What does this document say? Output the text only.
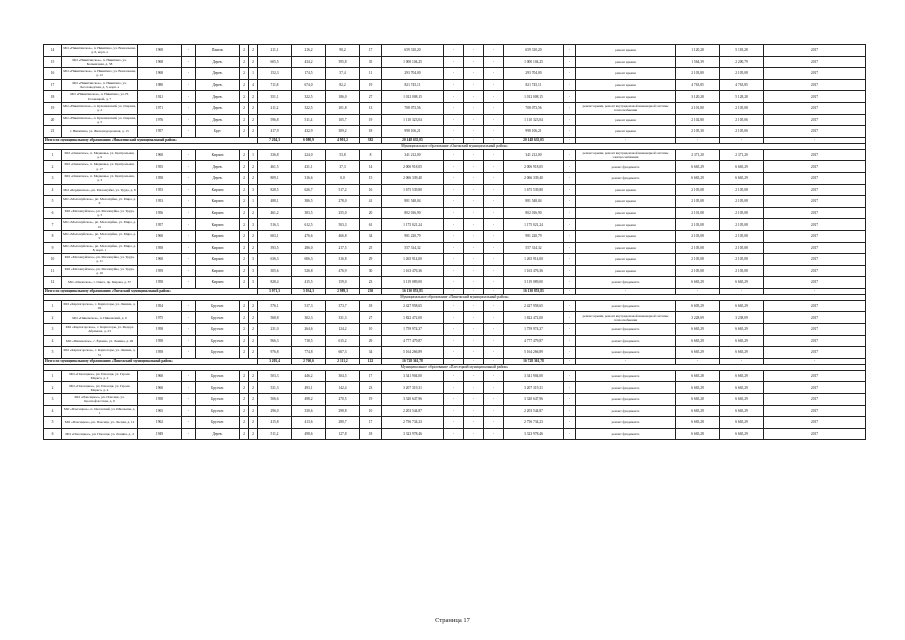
14	МО «Никитинское», п. Никитино, ул. Вокзальная, д. 6, корп. а	1969	-	Панель	2	2	211,1	216,2	90,2	17	659 310,20	-	-	-	659 310,20	-	ремонт крыши	1 120,28	5 118,28	2017
15	МО «Никитинское», п. Никитино, ул. Больничная, д. 58	1968	-	Дерев.	2	2	605,5	434,2	395,8	35	1 000 104,25	-	-	-	1 000 104,25	-	ремонт крыши	1 564,39	2 200,79	2017
16	МО «Никитинское», п. Никитино, ул. Вокзальная, д. 12	1968	-	Дерев.	2	1	152,3	174,5	57,4	11	293 704,00	-	-	-	293 704,00	-	ремонт крыши	2 103,80	2 105,08	2017
17	МО «Никитинское», п. Никитино, ул. Лесозаводская, д. 5, корп. а	1980	-	Дерев.	2	4	711,8	674,0	82,2	19	821 745,11	-	-	-	821 745,11	-	ремонт крыши	4 763,85	4 763,85	2017
18	МО «Никитинское», п. Никитино, ул. Н. Головацкой, д. 7	1921	-	Дерев.	2	2	351,1	322,5	186,0	27	1 012 008,15	-	-	-	1 012 008,15	-	ремонт крыши	3 120,28	5 128,28	2017
19	МО «Никитинское», п. Кулешовский, ул. Озерная, д. 2	1971	-	Дерев.	2	2	211,2	322,5	101,8	13	708 073,56	-	-	-	708 073,56	-	ремонт крыши, ремонт внутридомовой инженерной системы теплоснабжения	2 101,80	2 105,08	2017
20	МО «Никитинское», п. Кулешовский, ул. Озерная, д. 5	1976	-	Дерев.	2	2	596,8	511,4	105,7	19	1 110 323,04	-	-	-	1 110 323,04	-	ремонт крыши	2 102,80	2 105,06	2017
21	г. Никитино, ул. Железнодорожная, д. 15	1957	-	Брус	2	2	417,9	432,9	309,2	18	998 106,21	-	-	-	998 106,21	-	ремонт крыши	2 105,30	2 105,06	2017
Итого по муниципальному образованию «Никитинский муниципальный район»							7 204,3	6 080,9	4 901,2	382	20 148 635,05	-	-	-	20 148 635,05	-	-	-	-	-
Муниципальное образование «Онежский муниципальный район»																				
1	МО «Онежское», п. Медвежье, ул. Центральная, д. 9	1960	-	Кирпич	2	1	336,8	224,0	53,8	8	341 212,00	-	-	-	341 212,00	-	ремонт крыши, ремонт внутридомовой инженерной системы электроснабжения	2 371,20	2 371,20	2017
2	МО «Онежское», п. Медвежье, ул. Центральная, д. 17	1955	-	Дерев.	2	2	461,5	431,1	37,3	14	2 006 918,05	-	-	-	2 006 918,05	-	ремонт фундамента	6 665,29	6 665,29	2017
3	МО «Онежское», п. Медвежье, ул. Центральная, д. 3	1958	-	Дерев.	2	2	809,1	316,6	0,0	15	2 066 339,40	-	-	-	2 066 339,40	-	ремонт фундамента	6 665,29	6 665,29	2017
4	МО «Бердинское», рп. Малошуйка, ул. Труда, д. 8	1953	-	Кирпич	2	3	828,5	626,7	517,2	16	1 675 539,80	-	-	-	1 675 539,80	-	ремонт крыши	2 105,08	2 105,08	2017
5	МО «Малошуйское», рп. Малошуйка, ул. Мира, д. 6	1953	-	Кирпич	2	1	488,1	386,5	278,0	41	881 548,04	-	-	-	881 548,04	-	ремонт крыши	2 105,08	2 105,08	2017
6	МО «Малошуйское», рп. Малошуйка, ул. Труда, д. 3	1956	-	Кирпич	2	2	461,2	383,5	255,0	20	802 016,90	-	-	-	802 016,90	-	ремонт крыши	2 101,08	2 105,08	2017
7	МО «Малошуйское», рп. Малошуйка, ул. Мира, д. 10	1957	-	Кирпич	2	3	516,3	612,5	503,3	61	1 175 021,24	-	-	-	1 175 021,24	-	ремонт крыши	2 103,08	2 105,08	2017
8	МО «Малошуйское», рп. Малошуйка, ул. Мира, д. 9	1960	-	Кирпич	2	2	603,1	476,6	466,8	34	981 220,79	-	-	-	981 220,79	-	ремонт крыши	2 103,08	2 105,08	2017
9	МО «Малошуйское», рп. Малошуйка, ул. Мира, д. 8, корп. 1	1958	-	Кирпич	2	2	393,5	286,0	217,5	25	557 314,32	-	-	-	557 314,32	-	ремонт крыши	2 105,08	2 105,08	2017
10	МО «Малошуйское», рп. Малошуйка, ул. Труда, д. 11	1960	-	Кирпич	2	3	636,3	606,3	316,8	29	1 265 914,00	-	-	-	1 265 914,00	-	ремонт крыши	2 105,08	2 105,08	2017
11	МО «Малошуйское», рп. Малошуйка, ул. Труда, д. 10	1959	-	Кирпич	2	3	305,6	526,8	476,9	30	1 163 476,36	-	-	-	1 163 476,36	-	ремонт крыши	2 105,08	2 105,08	2017
12	МО «Онежское», г. Онега, пр. Кирова, д. 37	1958	-	Кирпич	2	3	828,4	415,5	159,0	23	3 119 089,00	-	-	-	3 119 089,00	-	ремонт фундамента	6 665,29	6 665,29	2017
Итого по муниципальному образованию «Онежский муниципальный район»							5 971,3	5 034,3	2 989,3	230	16 130 853,85	-	-	-	16 130 853,85	-	-	-	-	-
Муниципальное образование «Пинежский муниципальный район»																				
1	МО «Карпогорское», с. Карпогоры, ул. Ленина, д. 49	1954	-	Брусчат.	2	2	576,1	517,3	373,7	18	2 427 958,65	-	-	-	2 427 958,65	-	ремонт фундамента	6 605,29	6 665,29	2017
2	МО «Пинежское», п. Пинежский, д. 6	1975	-	Брусчат.	2	2	568,8	302,3	331,3	27	1 822 472,00	-	-	-	1 822 472,00	-	ремонт крыши, ремонт внутридомовой инженерной системы теплоснабжения	3 228,09	3 238,09	2017
3	МО «Карпогорское», с. Карпогоры, ул. Федора Абрамова, д. 23	1958	-	Брусчат.	2	2	231,0	264,6	124,2	10	1 759 974,37	-	-	-	1 759 974,37	-	ремонт фундамента	6 665,29	6 665,29	2017
4	МО «Пинежское», с. Ёркино, ул. Ленина, д. 49	1958	-	Брусчат.	2	2	966,3	718,5	615,2	29	4 777 479,87	-	-	-	4 777 479,87	-	ремонт фундамента	6 665,29	6 665,29	2017
5	МО «Карпогорское», с. Карпогоры, ул. Ленина, д. 31	1958	-	Брусчат.	2	2	976,8	774,8	667,3	34	5 164 266,89	-	-	-	5 164 266,89	-	ремонт фундамента	6 665,29	6 665,29	2017
Итого по муниципальному образованию «Пинежский муниципальный район»							3 205,4	2 760,6	2 111,2	122	16 728 361,78	-	-	-	16 728 361,78	-	-	-	-	-
Муниципальное образование «Плесецкий муниципальный район»																				
1	МО «Плесецкое», рп. Плесецк, ул. Героев Маркса, д. 2	1960	-	Брусчат.	2	2	503,3	446,2	304,5	17	3 341 904,00	-	-	-	3 341 904,00	-	ремонт фундамента	6 665,28	6 665,29	2017
2	МО «Плесецкое», рп. Плесецк, ул. Героев Маркса, д. 4	1960	-	Брусчат.	2	2	531,3	493,1	142,4	23	3 207 319,31	-	-	-	3 207 319,31	-	ремонт фундамента	6 665,29	6 665,29	2017
3	МО «Плесецкое», рп. Плесецк, ул. Краснофлотская, д. 9	1958	-	Брусчат.	2	2	506,6	498,2	270,5	19	3 320 647,96	-	-	-	3 320 647,96	-	ремонт фундамента	6 665,28	6 665,29	2017
4	МО «Плесецкое», п. Оксовский, ул. Школьная, д. 1	1965	-	Брусчат.	2	2	296,0	330,6	298,8	10	2 203 544,87	-	-	-	2 203 544,87	-	ремонт фундамента	6 665,29	6 665,29	2017
5	МО «Плесецкое», рп. Плесецк, ул. Лесная, д. 12	1962	-	Брусчат.	2	2	415,8	413,6	280,7	17	2 756 734,23	-	-	-	2 756 734,23	-	ремонт фундамента	6 665,28	6 665,29	2017
6	МО «Плесецкое», рп. Плесецк, ул. Ленина, д. 4	1949	-	Дерев.	2	2	511,2	498,6	127,8	18	3 323 978,46	-	-	-	3 323 978,46	-	ремонт фундамента	6 665,28	6 665,29	2017
Страница 17
